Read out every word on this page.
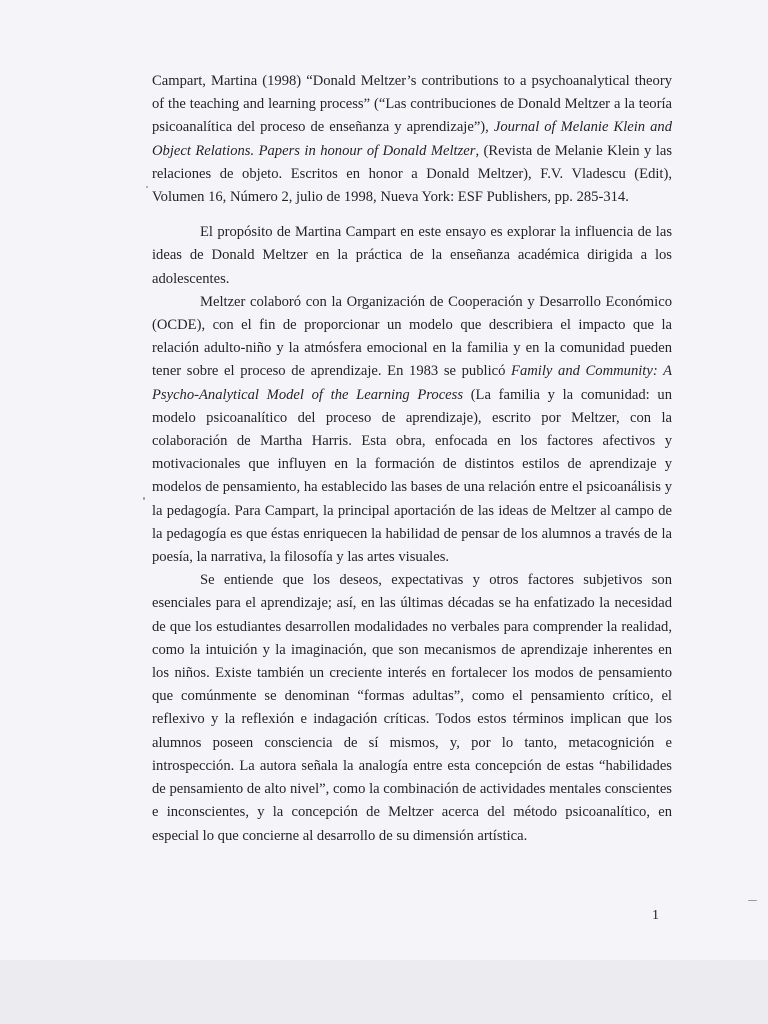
Campart, Martina (1998) “Donald Meltzer’s contributions to a psychoanalytical theory of the teaching and learning process” (“Las contribuciones de Donald Meltzer a la teoría psicoanalítica del proceso de enseñanza y aprendizaje”), Journal of Melanie Klein and Object Relations. Papers in honour of Donald Meltzer, (Revista de Melanie Klein y las relaciones de objeto. Escritos en honor a Donald Meltzer), F.V. Vladescu (Edit), Volumen 16, Número 2, julio de 1998, Nueva York: ESF Publishers, pp. 285-314.

El propósito de Martina Campart en este ensayo es explorar la influencia de las ideas de Donald Meltzer en la práctica de la enseñanza académica dirigida a los adolescentes.

Meltzer colaboró con la Organización de Cooperación y Desarrollo Económico (OCDE), con el fin de proporcionar un modelo que describiera el impacto que la relación adulto-niño y la atmósfera emocional en la familia y en la comunidad pueden tener sobre el proceso de aprendizaje. En 1983 se publicó Family and Community: A Psycho-Analytical Model of the Learning Process (La familia y la comunidad: un modelo psicoanalítico del proceso de aprendizaje), escrito por Meltzer, con la colaboración de Martha Harris. Esta obra, enfocada en los factores afectivos y motivacionales que influyen en la formación de distintos estilos de aprendizaje y modelos de pensamiento, ha establecido las bases de una relación entre el psicoanálisis y la pedagogía. Para Campart, la principal aportación de las ideas de Meltzer al campo de la pedagogía es que éstas enriquecen la habilidad de pensar de los alumnos a través de la poesía, la narrativa, la filosofía y las artes visuales.

Se entiende que los deseos, expectativas y otros factores subjetivos son esenciales para el aprendizaje; así, en las últimas décadas se ha enfatizado la necesidad de que los estudiantes desarrollen modalidades no verbales para comprender la realidad, como la intuición y la imaginación, que son mecanismos de aprendizaje inherentes en los niños. Existe también un creciente interés en fortalecer los modos de pensamiento que comúnmente se denominan “formas adultas”, como el pensamiento crítico, el reflexivo y la reflexión e indagación críticas. Todos estos términos implican que los alumnos poseen consciencia de sí mismos, y, por lo tanto, metacognición e introspección. La autora señala la analogía entre esta concepción de estas “habilidades de pensamiento de alto nivel”, como la combinación de actividades mentales conscientes e inconscientes, y la concepción de Meltzer acerca del método psicoanalítico, en especial lo que concierne al desarrollo de su dimensión artística.

1
